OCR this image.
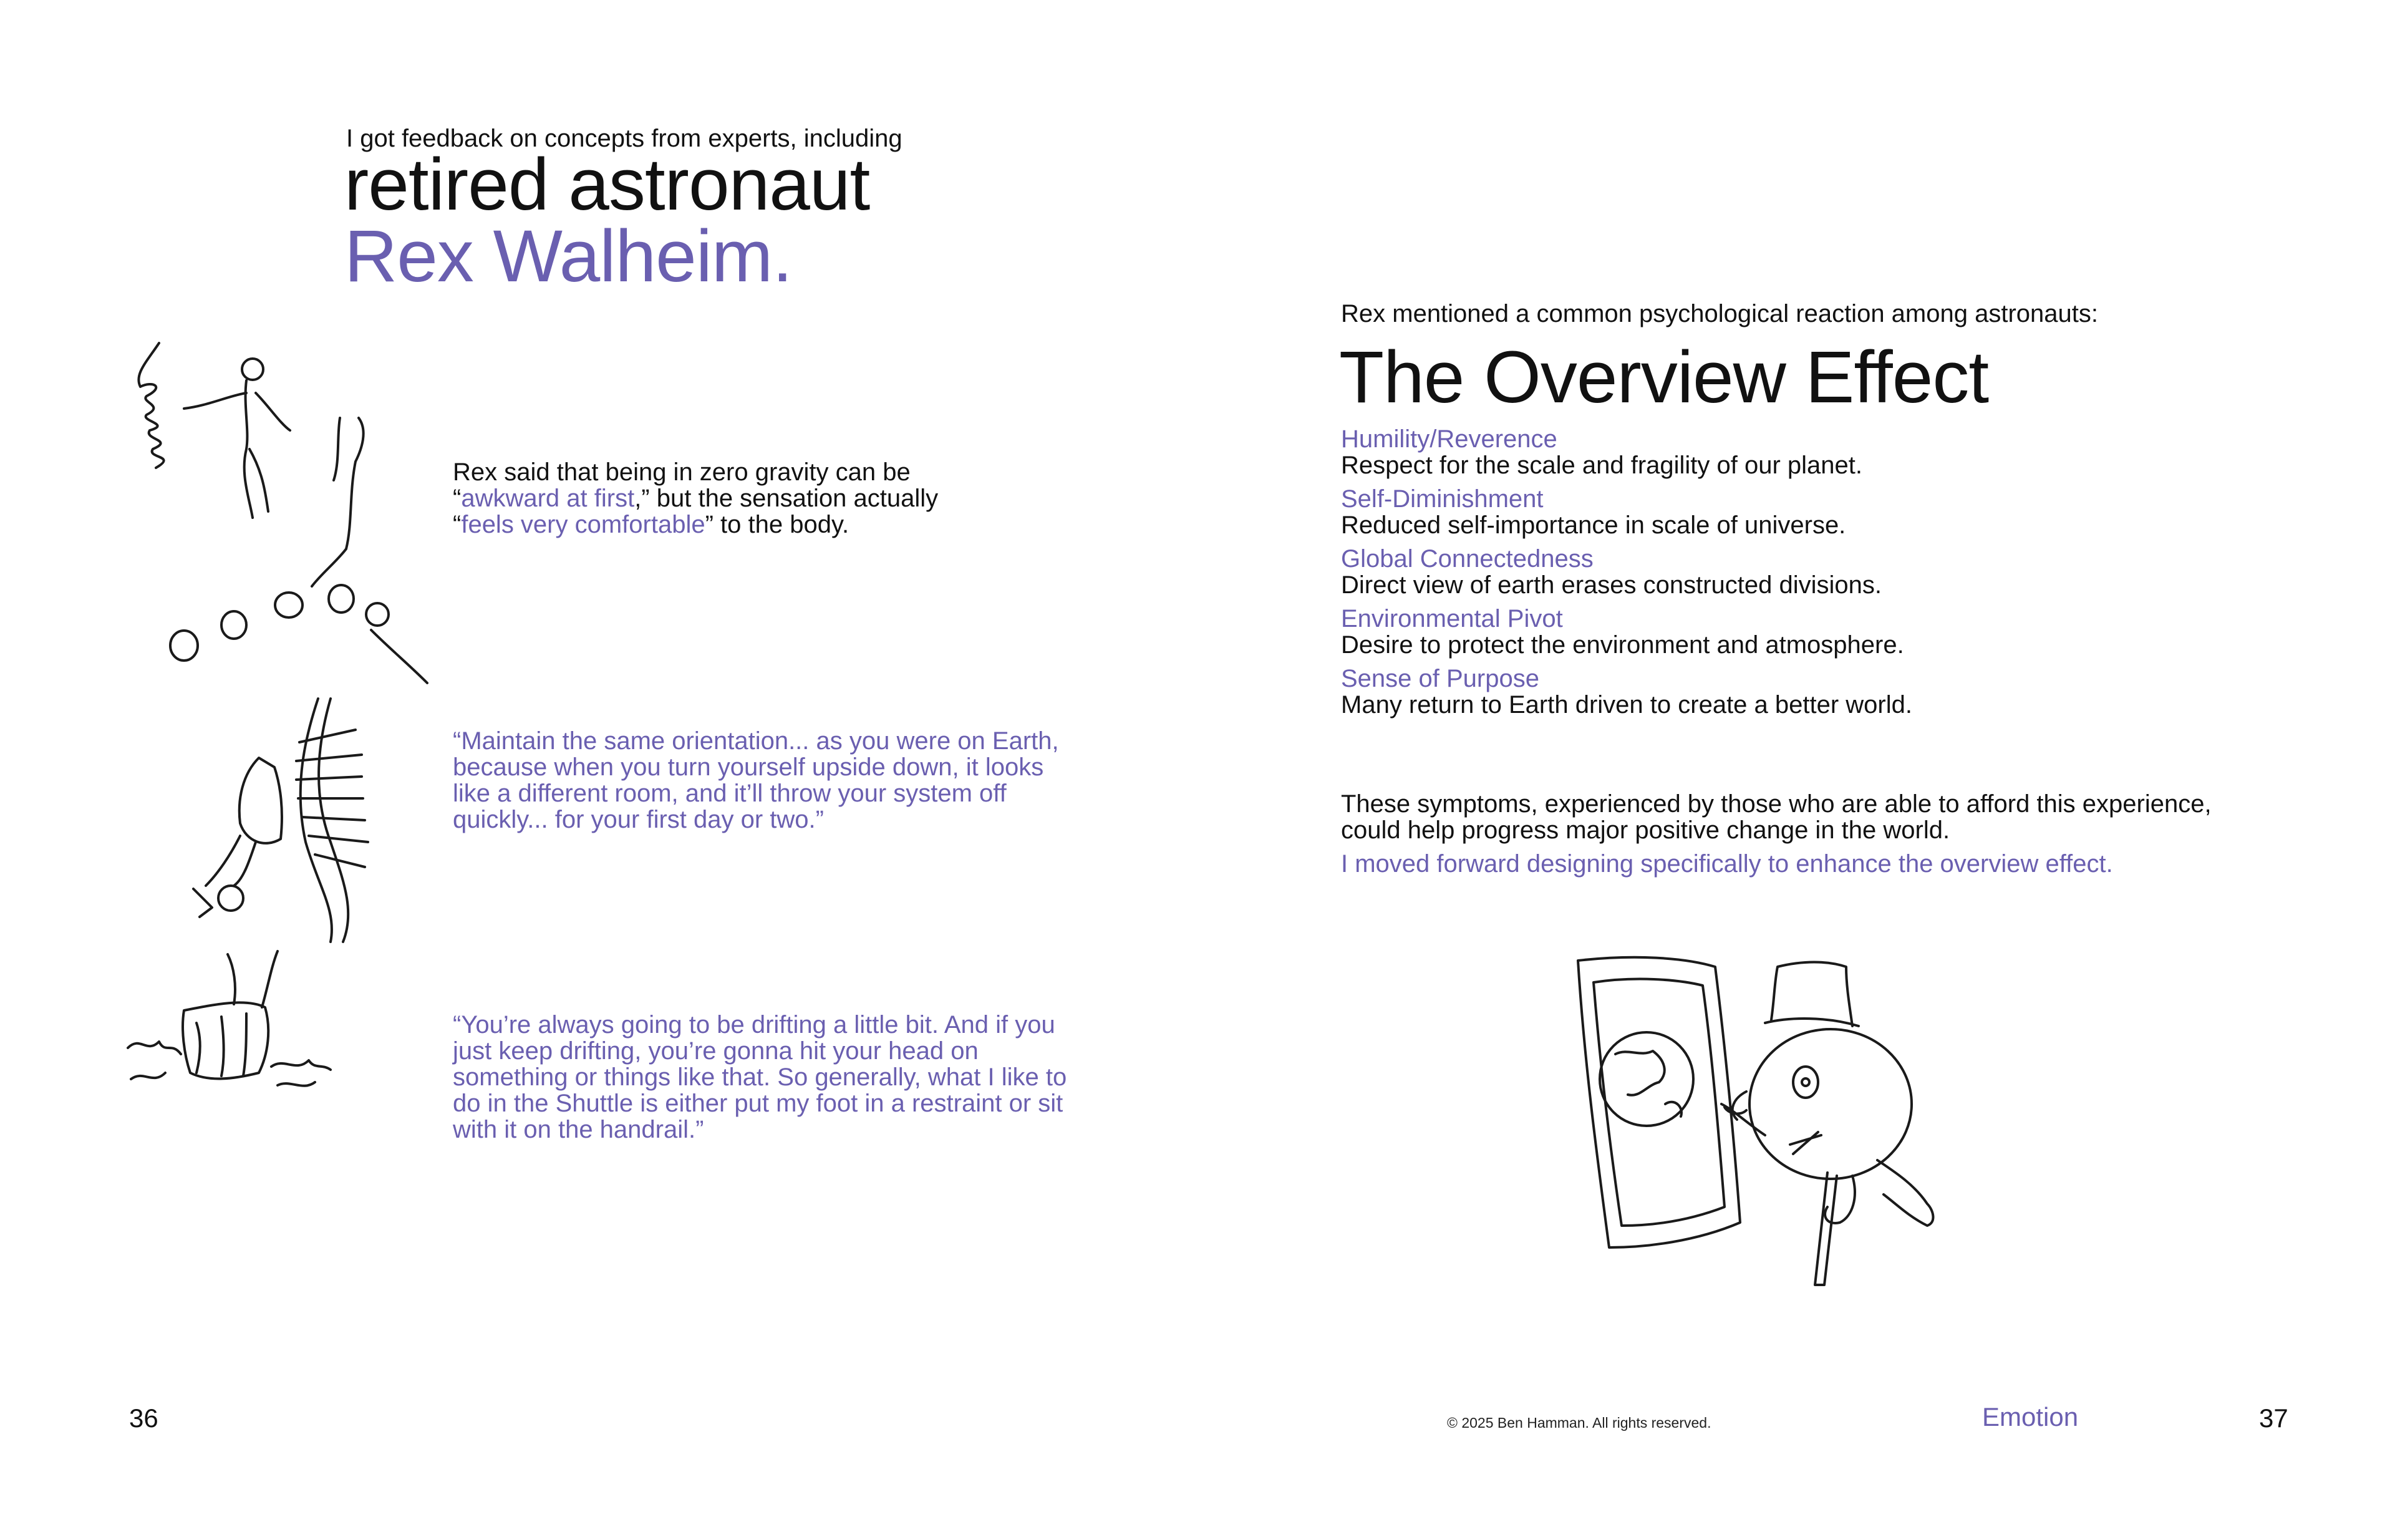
I got feedback on concepts from experts, including
retired astronaut
Rex Walheim.
Rex said that being in zero gravity can be
“awkward at first,” but the sensation actually
“feels very comfortable” to the body.
“Maintain the same orientation... as you were on Earth, because when you turn yourself upside down, it looks like a different room, and it’ll throw your system off quickly... for your first day or two.”
“You’re always going to be drifting a little bit. And if you just keep drifting, you’re gonna hit your head on something or things like that. So generally, what I like to do in the Shuttle is either put my foot in a restraint or sit with it on the handrail.”
36
Rex mentioned a common psychological reaction among astronauts:
The Overview Effect
Humility/Reverence
Respect for the scale and fragility of our planet.
Self-Diminishment
Reduced self-importance in scale of universe.
Global Connectedness
Direct view of earth erases constructed divisions.
Environmental Pivot
Desire to protect the environment and atmosphere.
Sense of Purpose
Many return to Earth driven to create a better world.
These symptoms, experienced by those who are able to afford this experience, could help progress major positive change in the world.
I moved forward designing specifically to enhance the overview effect.
© 2025 Ben Hamman. All rights reserved.	Emotion	37
